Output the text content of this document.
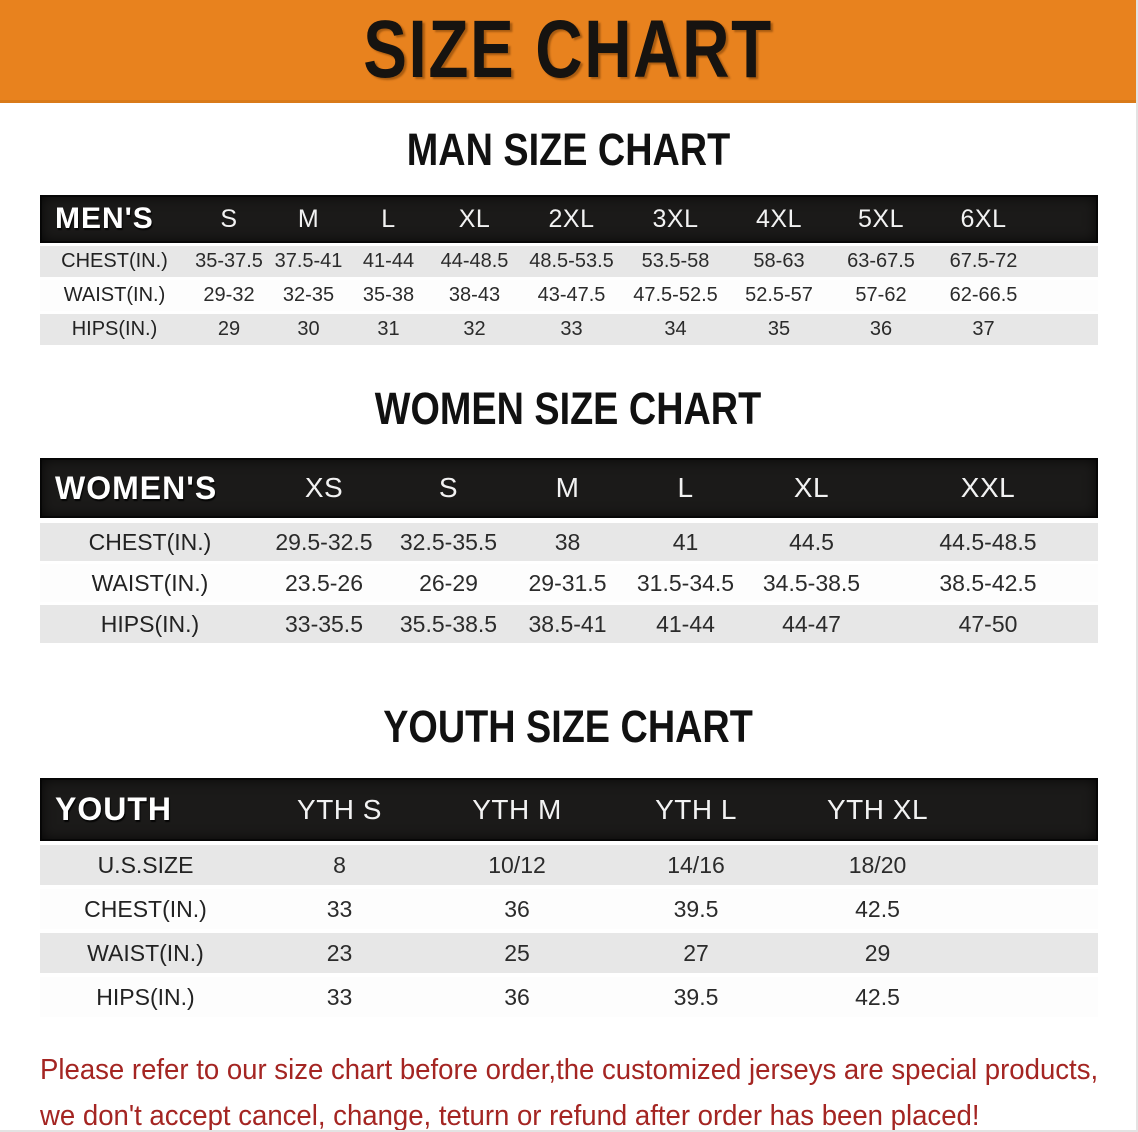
SIZE CHART
MAN SIZE CHART
MEN'S	S	M	L	XL	2XL	3XL	4XL	5XL	6XL
CHEST(IN.)	35-37.5 37.5-41	41-44	44-48.5	48.5-53.5	53.5-58	58-63	63-67.5	67.5-72
WAIST(IN.)	29-32	32-35	35-38	38-43	43-47.5	47.5-52.5	52.5-57	57-62	62-66.5
HIPS(IN.)	29	30	31	32	33	34	35	36	37
WOMEN SIZE CHART
WOMEN'S	XS	S	M	L	XL	XXL
CHEST(IN.)	29.5-32.5	32.5-35.5	38	41	44.5	44.5-48.5
WAIST(IN.)	23.5-26	26-29	29-31.5	31.5-34.5	34.5-38.5	38.5-42.5
HIPS(IN.)	33-35.5	35.5-38.5	38.5-41	41-44	44-47	47-50
YOUTH SIZE CHART
YOUTH	YTH S	YTH M	YTH L	YTH XL
U.S.SIZE	8	10/12	14/16	18/20
CHEST(IN.)	33	36	39.5	42.5
WAIST(IN.)	23	25	27	29
HIPS(IN.)	33	36	39.5	42.5
Please refer to our size chart before order,the customized jerseys are special products,
we don't accept cancel, change, teturn or refund after order has been placed!
